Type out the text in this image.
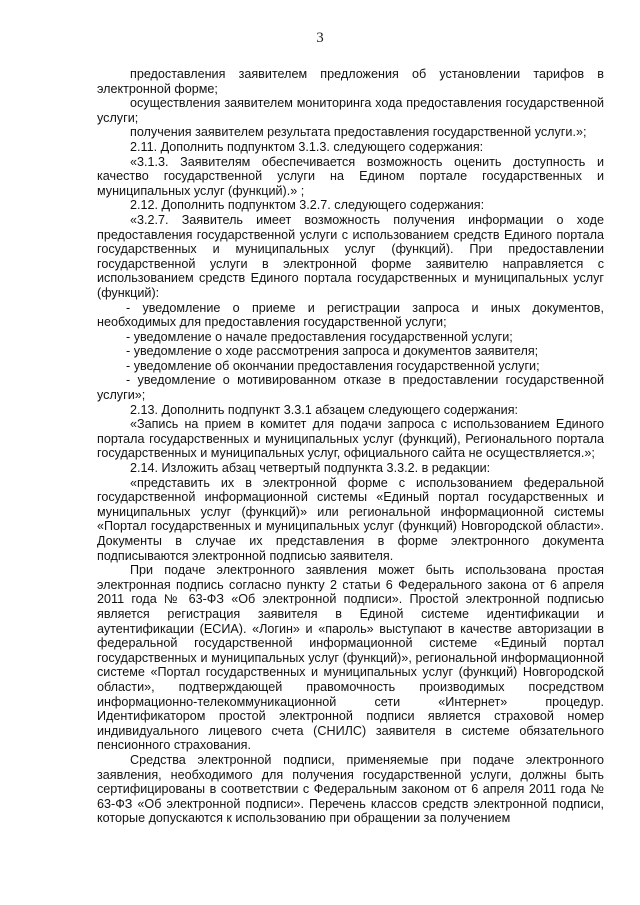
3

предоставления заявителем предложения об установлении тарифов в электронной форме;

осуществления заявителем мониторинга хода предоставления государственной услуги;

получения заявителем результата предоставления государственной услуги.»;

2.11. Дополнить подпунктом 3.1.3. следующего содержания:

«3.1.3. Заявителям обеспечивается возможность оценить доступность и качество государственной услуги на Едином портале государственных и муниципальных услуг (функций).» ;

2.12. Дополнить подпунктом 3.2.7. следующего содержания:

«3.2.7. Заявитель имеет возможность получения информации о ходе предоставления государственной услуги с использованием средств Единого портала государственных и муниципальных услуг (функций). При предоставлении государственной услуги в электронной форме заявителю направляется с использованием средств Единого портала государственных и муниципальных услуг (функций):

- уведомление о приеме и регистрации запроса и иных документов, необходимых для предоставления государственной услуги;

- уведомление о начале предоставления государственной услуги;

- уведомление о ходе рассмотрения запроса и документов заявителя;

- уведомление об окончании предоставления государственной услуги;

- уведомление о мотивированном отказе в предоставлении государственной услуги»;

2.13. Дополнить подпункт 3.3.1 абзацем следующего содержания:

«Запись на прием в комитет для подачи запроса с использованием Единого портала государственных и муниципальных услуг (функций), Регионального портала государственных и муниципальных услуг, официального сайта не осуществляется.»;

2.14. Изложить абзац четвертый подпункта 3.3.2. в редакции:

«представить их в электронной форме с использованием федеральной государственной информационной системы «Единый портал государственных и муниципальных услуг (функций)» или региональной информационной системы «Портал государственных и муниципальных услуг (функций) Новгородской области». Документы в случае их представления в форме электронного документа подписываются электронной подписью заявителя.

При подаче электронного заявления может быть использована простая электронная подпись согласно пункту 2 статьи 6 Федерального закона от 6 апреля 2011 года № 63-ФЗ «Об электронной подписи». Простой электронной подписью является регистрация заявителя в Единой системе идентификации и аутентификации (ЕСИА). «Логин» и «пароль» выступают в качестве авторизации в федеральной государственной информационной системе «Единый портал государственных и муниципальных услуг (функций)», региональной информационной системе «Портал государственных и муниципальных услуг (функций) Новгородской области», подтверждающей правомочность производимых посредством информационно-телекоммуникационной сети «Интернет» процедур. Идентификатором простой электронной подписи является страховой номер индивидуального лицевого счета (СНИЛС) заявителя в системе обязательного пенсионного страхования.

Средства электронной подписи, применяемые при подаче электронного заявления, необходимого для получения государственной услуги, должны быть сертифицированы в соответствии с Федеральным законом от 6 апреля 2011 года № 63-ФЗ «Об электронной подписи». Перечень классов средств электронной подписи, которые допускаются к использованию при обращении за получением
